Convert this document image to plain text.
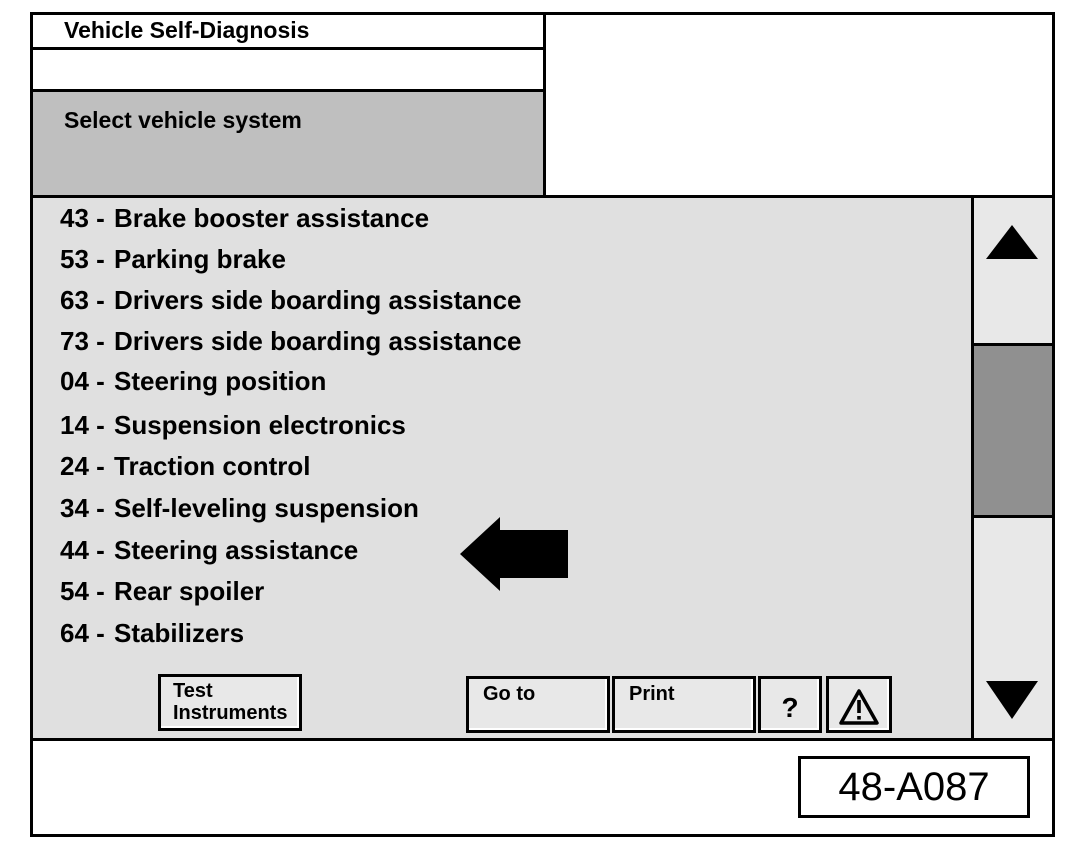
Vehicle Self-Diagnosis
Select vehicle system
43 - Brake booster assistance
53 - Parking brake
63 - Drivers side boarding assistance
73 - Drivers side boarding assistance
04 - Steering position
14 - Suspension electronics
24 - Traction control
34 - Self-leveling suspension
44 - Steering assistance
54 - Rear spoiler
64 - Stabilizers
Test
Instruments
Go to	Print	?
48-A087
